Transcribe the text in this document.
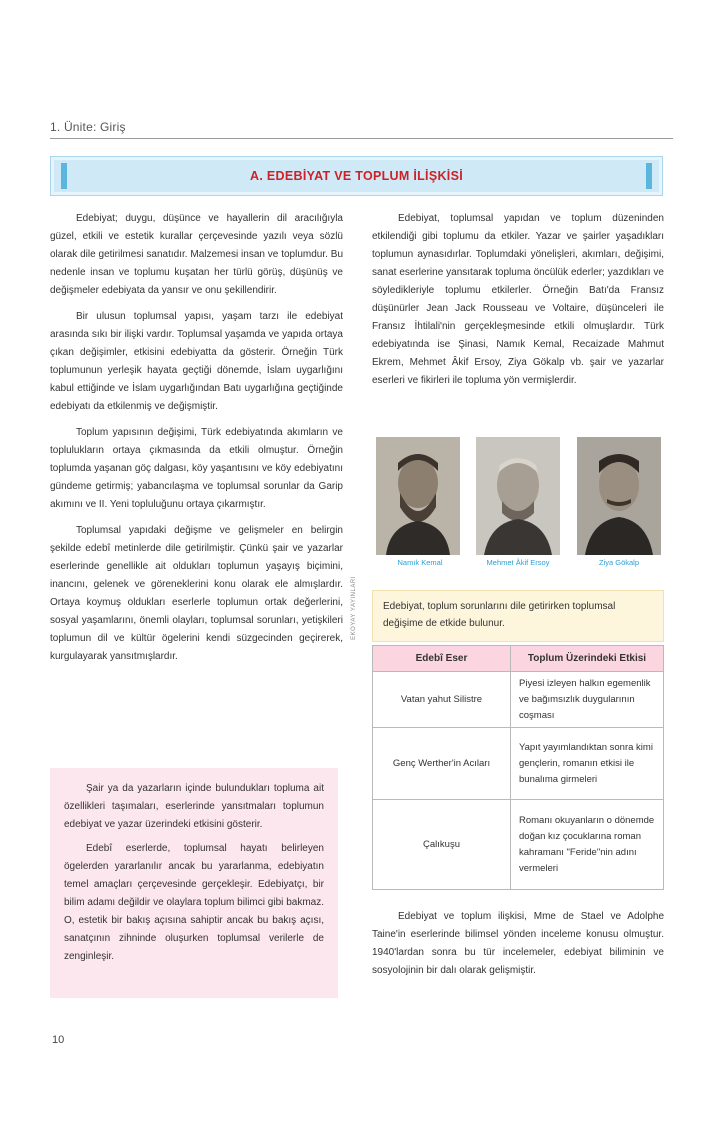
1. Ünite: Giriş
A. EDEBİYAT VE TOPLUM İLİŞKİSİ

Edebiyat; duygu, düşünce ve hayallerin dil aracılığıyla güzel, etkili ve estetik kurallar çerçevesinde yazılı veya sözlü olarak dile getirilmesi sanatıdır. Malzemesi insan ve toplumdur. Bu nedenle insan ve toplumu kuşatan her türlü görüş, düşünüş ve değişmeler edebiyata da yansır ve onu şekillendirir.

Bir ulusun toplumsal yapısı, yaşam tarzı ile edebiyat arasında sıkı bir ilişki vardır. Toplumsal yaşamda ve yapıda ortaya çıkan değişimler, etkisini edebiyatta da gösterir. Örneğin Türk toplumunun yerleşik hayata geçtiği dönemde, İslam uygarlığını kabul ettiğinde ve İslam uygarlığından Batı uygarlığına geçtiğinde edebiyatı da etkilenmiş ve değişmiştir.

Toplum yapısının değişimi, Türk edebiyatında akımların ve toplulukların ortaya çıkmasında da etkili olmuştur. Örneğin toplumda yaşanan göç dalgası, köy yaşantısını ve köy edebiyatını gündeme getirmiş; yabancılaşma ve toplumsal sorunlar da Garip akımını ve II. Yeni topluluğunu ortaya çıkarmıştır.

Toplumsal yapıdaki değişme ve gelişmeler en belirgin şekilde edebî metinlerde dile getirilmiştir. Çünkü şair ve yazarlar eserlerinde genellikle ait oldukları toplumun yaşayış biçimini, inancını, gelenek ve göreneklerini konu olarak ele almışlardır. Ortaya koymuş oldukları eserlerle toplumun ortak değerlerini, sosyal yaşamlarını, önemli olayları, toplumsal sorunları, yetişkileri toplumun dil ve kültür ögelerini kendi süzgecinden geçirerek, kurgulayarak yansıtmışlardır.

Şair ya da yazarların içinde bulundukları topluma ait özellikleri taşımaları, eserlerinde yansıtmaları toplumun edebiyat ve yazar üzerindeki etkisini gösterir.

Edebî eserlerde, toplumsal hayatı belirleyen ögelerden yararlanılır ancak bu yararlanma, edebiyatın temel amaçları çerçevesinde gerçekleşir. Edebiyatçı, bir bilim adamı değildir ve olaylara toplum bilimci gibi bakmaz. O, estetik bir bakış açısına sahiptir ancak bu bakış açısı, sanatçının zihninde oluşurken toplumsal verilerle de zenginleşir.

EKOYAY YAYINLARI

Edebiyat, toplumsal yapıdan ve toplum düzeninden etkilendiği gibi toplumu da etkiler. Yazar ve şairler yaşadıkları toplumun aynasıdırlar. Toplumdaki yönelişleri, akımları, değişimi, sanat eserlerine yansıtarak topluma öncülük ederler; yazdıkları ve söyledikleriyle toplumu etkilerler. Örneğin Batı'da Fransız düşünürler Jean Jack Rousseau ve Voltaire, düşünceleri ile Fransız İhtilali'nin gerçekleşmesinde etkili olmuşlardır. Türk edebiyatında ise Şinasi, Namık Kemal, Recaizade Mahmut Ekrem, Mehmet Âkif Ersoy, Ziya Gökalp vb. şair ve yazarlar eserleri ve fikirleri ile topluma yön vermişlerdir.

Namık Kemal	Mehmet Âkif Ersoy	Ziya Gökalp
Edebiyat, toplum sorunlarını dile getirirken toplumsal değişime de etkide bulunur.
Edebî Eser	Toplum Üzerindeki Etkisi
Vatan yahut Silistre	Piyesi izleyen halkın egemenlik ve bağımsızlık duygularının coşması
Genç Werther'in Acıları	Yapıt yayımlandıktan sonra kimi gençlerin, romanın etkisi ile bunalıma girmeleri
Çalıkuşu	Romanı okuyanların o dönemde doğan kız çocuklarına roman kahramanı "Feride"nin adını vermeleri

Edebiyat ve toplum ilişkisi, Mme de Stael ve Adolphe Taine'in eserlerinde bilimsel yönden inceleme konusu olmuştur. 1940'lardan sonra bu tür incelemeler, edebiyat biliminin ve sosyolojinin bir dalı olarak gelişmiştir.

10
